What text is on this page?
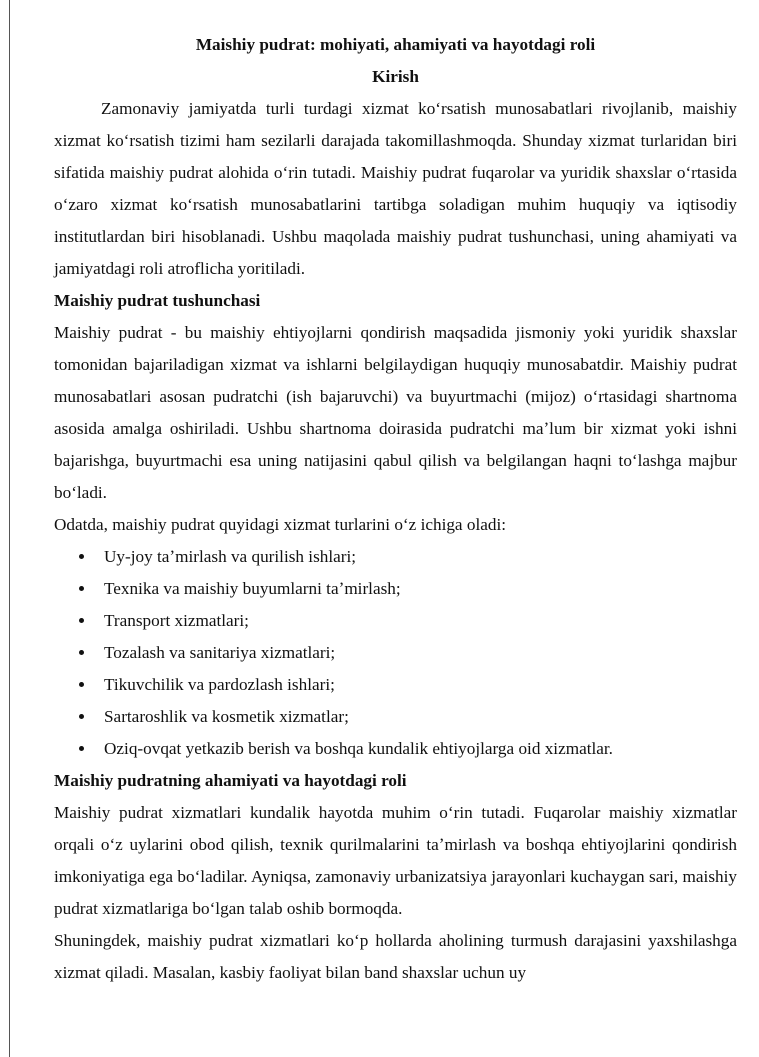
Maishiy pudrat: mohiyati, ahamiyati va hayotdagi roli
Kirish

Zamonaviy jamiyatda turli turdagi xizmat koʻrsatish munosabatlari rivojlanib, maishiy xizmat koʻrsatish tizimi ham sezilarli darajada takomillashmoqda. Shunday xizmat turlaridan biri sifatida maishiy pudrat alohida oʻrin tutadi. Maishiy pudrat fuqarolar va yuridik shaxslar oʻrtasida oʻzaro xizmat koʻrsatish munosabatlarini tartibga soladigan muhim huquqiy va iqtisodiy institutlardan biri hisoblanadi. Ushbu maqolada maishiy pudrat tushunchasi, uning ahamiyati va jamiyatdagi roli atroflicha yoritiladi.

Maishiy pudrat tushunchasi

Maishiy pudrat - bu maishiy ehtiyojlarni qondirish maqsadida jismoniy yoki yuridik shaxslar tomonidan bajariladigan xizmat va ishlarni belgilaydigan huquqiy munosabatdir. Maishiy pudrat munosabatlari asosan pudratchi (ish bajaruvchi) va buyurtmachi (mijoz) oʻrtasidagi shartnoma asosida amalga oshiriladi. Ushbu shartnoma doirasida pudratchi maʼlum bir xizmat yoki ishni bajarishga, buyurtmachi esa uning natijasini qabul qilish va belgilangan haqni toʻlashga majbur boʻladi.

Odatda, maishiy pudrat quyidagi xizmat turlarini oʻz ichiga oladi:

Uy-joy taʼmirlash va qurilish ishlari;
Texnika va maishiy buyumlarni taʼmirlash;
Transport xizmatlari;
Tozalash va sanitariya xizmatlari;
Tikuvchilik va pardozlash ishlari;
Sartaroshlik va kosmetik xizmatlar;
Oziq-ovqat yetkazib berish va boshqa kundalik ehtiyojlarga oid xizmatlar.
Maishiy pudratning ahamiyati va hayotdagi roli

Maishiy pudrat xizmatlari kundalik hayotda muhim oʻrin tutadi. Fuqarolar maishiy xizmatlar orqali oʻz uylarini obod qilish, texnik qurilmalarini taʼmirlash va boshqa ehtiyojlarini qondirish imkoniyatiga ega boʻladilar. Ayniqsa, zamonaviy urbanizatsiya jarayonlari kuchaygan sari, maishiy pudrat xizmatlariga boʻlgan talab oshib bormoqda.

Shuningdek, maishiy pudrat xizmatlari koʻp hollarda aholining turmush darajasini yaxshilashga xizmat qiladi. Masalan, kasbiy faoliyat bilan band shaxslar uchun uy
